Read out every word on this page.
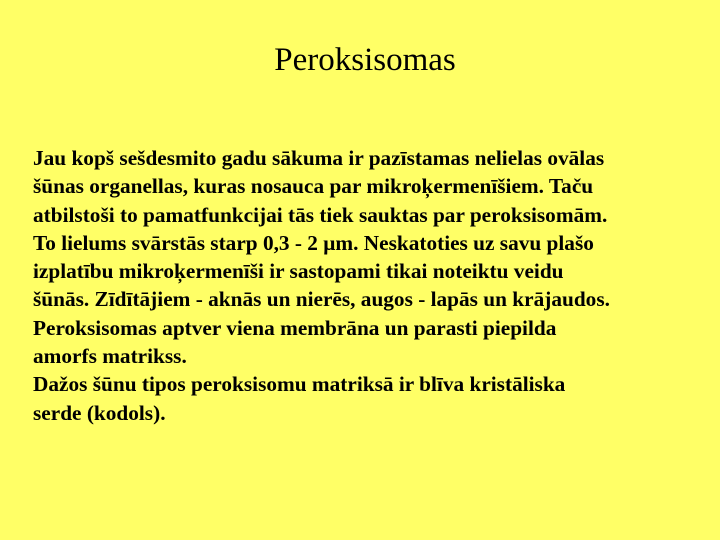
Peroksisomas
Jau kopš sešdesmito gadu sākuma ir pazīstamas nelielas ovālas
šūnas organellas, kuras nosauca par mikroķermenīšiem. Taču
atbilstoši to pamatfunkcijai tās tiek sauktas par peroksisomām.
To lielums svārstās starp 0,3 - 2 μm. Neskatoties uz savu plašo
izplatību mikroķermenīši ir sastopami tikai noteiktu veidu
šūnās. Zīdītājiem - aknās un nierēs, augos - lapās un krājaudos.
Peroksisomas aptver viena membrāna un parasti piepilda
amorfs matrikss.
Dažos šūnu tipos peroksisomu matriksā ir blīva kristāliska
serde (kodols).
